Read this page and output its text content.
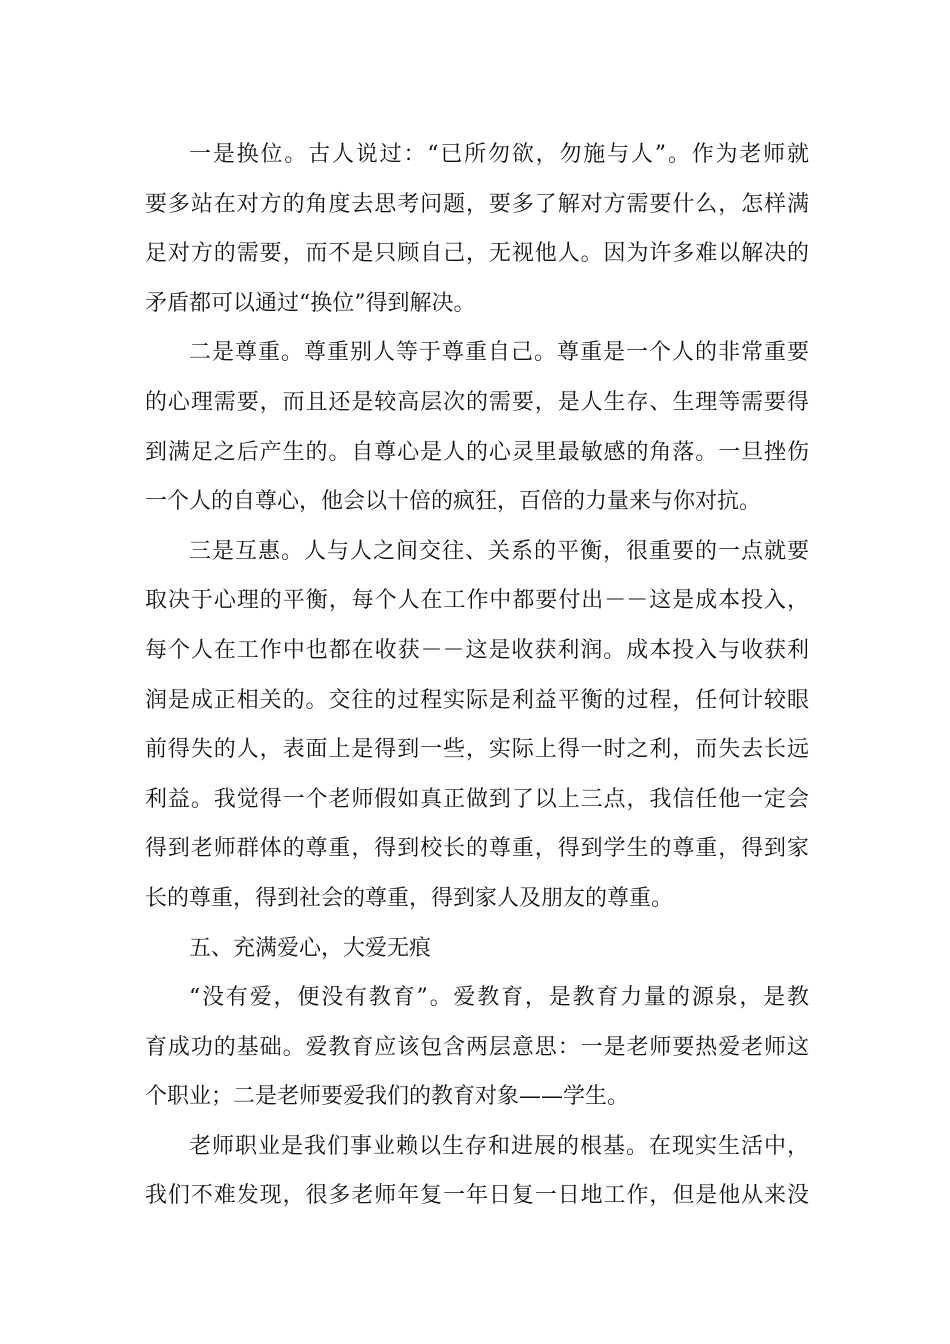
一是换位。古人说过：“已所勿欲，勿施与人”。作为老师就
要多站在对方的角度去思考问题，要多了解对方需要什么，怎样满
足对方的需要，而不是只顾自己，无视他人。因为许多难以解决的
矛盾都可以通过“换位”得到解决。
二是尊重。尊重别人等于尊重自己。尊重是一个人的非常重要
的心理需要，而且还是较高层次的需要，是人生存、生理等需要得
到满足之后产生的。自尊心是人的心灵里最敏感的角落。一旦挫伤
一个人的自尊心，他会以十倍的疯狂，百倍的力量来与你对抗。
三是互惠。人与人之间交往、关系的平衡，很重要的一点就要
取决于心理的平衡，每个人在工作中都要付出－－这是成本投入，
每个人在工作中也都在收获－－这是收获利润。成本投入与收获利
润是成正相关的。交往的过程实际是利益平衡的过程，任何计较眼
前得失的人，表面上是得到一些，实际上得一时之利，而失去长远
利益。我觉得一个老师假如真正做到了以上三点，我信任他一定会
得到老师群体的尊重，得到校长的尊重，得到学生的尊重，得到家
长的尊重，得到社会的尊重，得到家人及朋友的尊重。
五、充满爱心，大爱无痕
“没有爱，便没有教育”。爱教育，是教育力量的源泉，是教
育成功的基础。爱教育应该包含两层意思：一是老师要热爱老师这
个职业；二是老师要爱我们的教育对象——学生。
老师职业是我们事业赖以生存和进展的根基。在现实生活中，
我们不难发现，很多老师年复一年日复一日地工作，但是他从来没
